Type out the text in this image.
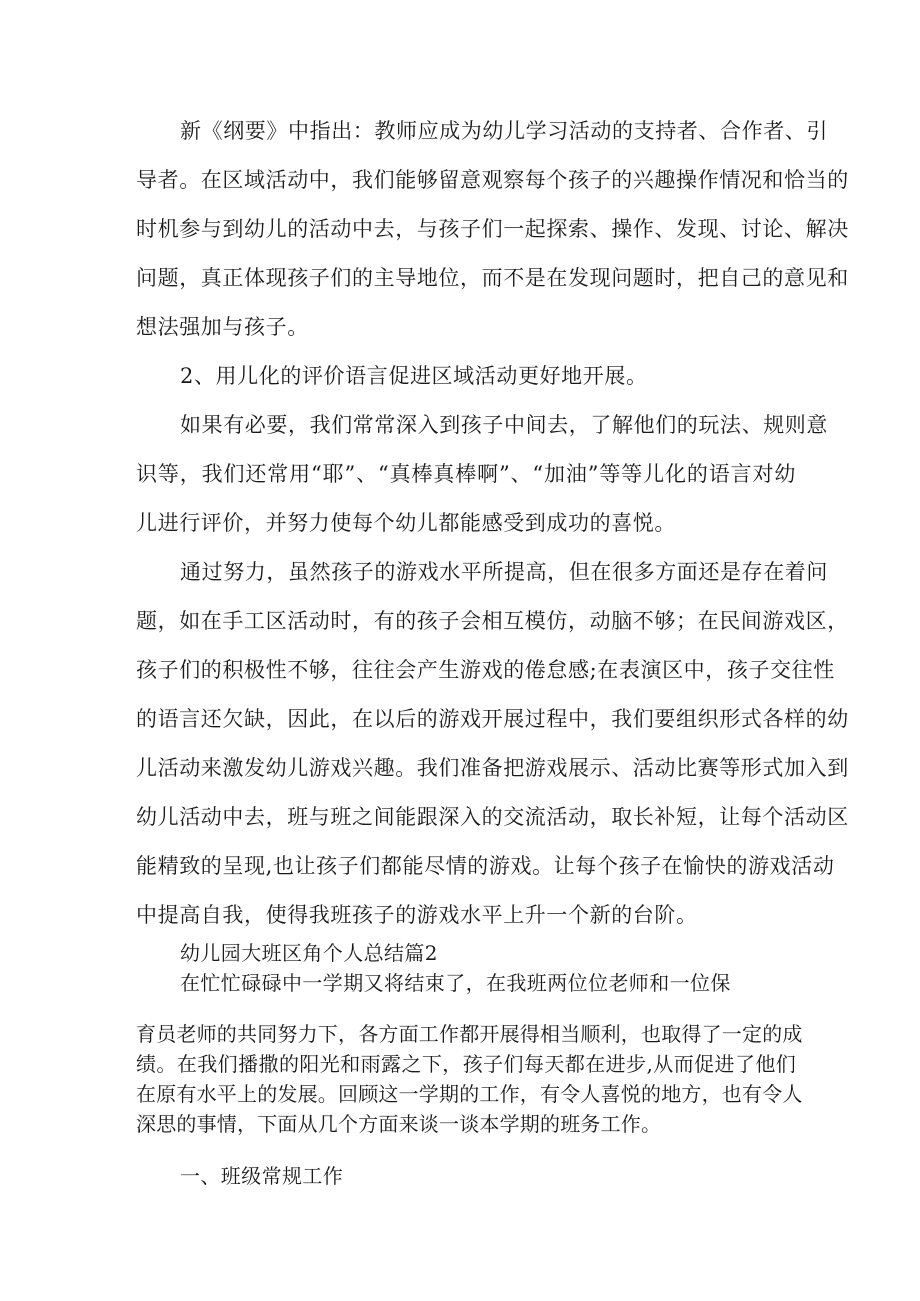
新《纲要》中指出：教师应成为幼儿学习活动的支持者、合作者、引
导者。在区域活动中，我们能够留意观察每个孩子的兴趣操作情况和恰当的
时机参与到幼儿的活动中去，与孩子们一起探索、操作、发现、讨论、解决
问题，真正体现孩子们的主导地位，而不是在发现问题时，把自己的意见和
想法强加与孩子。
2、用儿化的评价语言促进区域活动更好地开展。
如果有必要，我们常常深入到孩子中间去，了解他们的玩法、规则意
识等，我们还常用“耶”、“真棒真棒啊”、“加油”等等儿化的语言对幼
儿进行评价，并努力使每个幼儿都能感受到成功的喜悦。
通过努力，虽然孩子的游戏水平所提高，但在很多方面还是存在着问
题，如在手工区活动时，有的孩子会相互模仿，动脑不够；在民间游戏区，
孩子们的积极性不够，往往会产生游戏的倦怠感;在表演区中，孩子交往性
的语言还欠缺，因此，在以后的游戏开展过程中，我们要组织形式各样的幼
儿活动来激发幼儿游戏兴趣。我们准备把游戏展示、活动比赛等形式加入到
幼儿活动中去，班与班之间能跟深入的交流活动，取长补短，让每个活动区
能精致的呈现,也让孩子们都能尽情的游戏。让每个孩子在愉快的游戏活动
中提高自我，使得我班孩子的游戏水平上升一个新的台阶。
幼儿园大班区角个人总结篇2
在忙忙碌碌中一学期又将结束了，在我班两位位老师和一位保
育员老师的共同努力下，各方面工作都开展得相当顺利，也取得了一定的成
绩。在我们播撒的阳光和雨露之下，孩子们每天都在进步,从而促进了他们
在原有水平上的发展。回顾这一学期的工作，有令人喜悦的地方，也有令人
深思的事情，下面从几个方面来谈一谈本学期的班务工作。
一、班级常规工作
